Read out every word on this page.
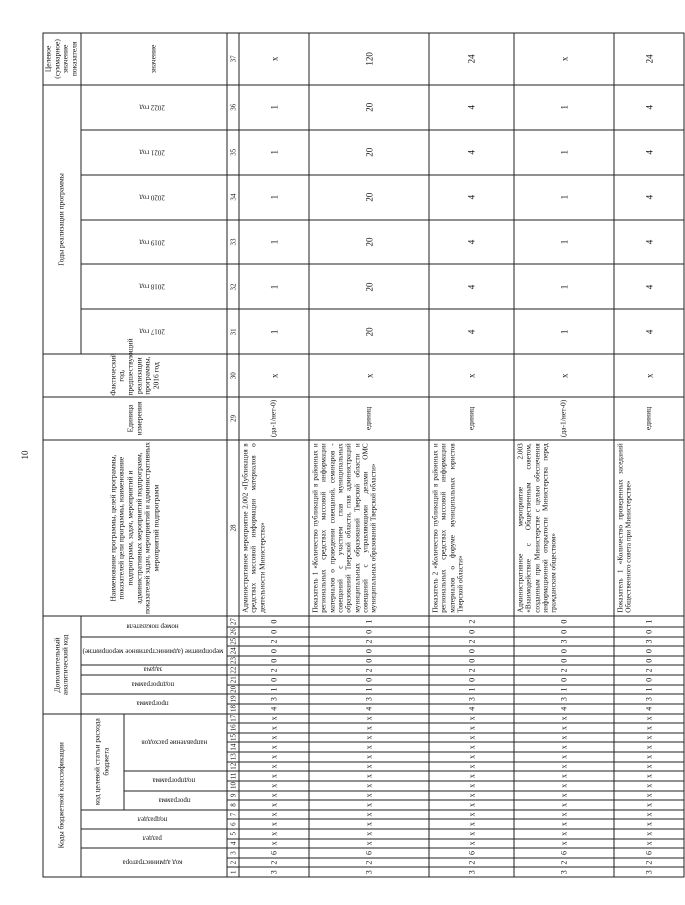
10
Коды бюджетной классификации																	Дополнительный аналитический код										Наименование программы, целей программы, показателей цели программы, наименование подпрограмм, задач, мероприятий и административных мероприятий подпрограмм, показателей задач, мероприятий и административных мероприятий подпрограмм	Единица измерения	Фактический год, предшествующий реализации программы, 2016 год	Годы реализации программы						Целевое (суммарное) значение показателя
код администратора			раздел		подраздел		код целевой статьи расхода бюджета										программа		подпрограмма		задача	мероприятие (административное мероприятие)			номер показателя					2017 год	2018 год	2019 год	2020 год	2021 год	2022 год	значение
							программа		подпрограмма		направление расходов																									
1	2	3	4	5	6	7	8	9	10	11	12	13	14	15	16	17	18	19	20	21	22	23	24	25	26	27	28	29	30	31	32	33	34	35	36	37
3	2	6	х	х	х	х	х	х	х	х	х	х	х	х	х	х	4	3	1	0	2	0	0	2	0	0	Административное мероприятие 2.002 «Публикация в средствах массовой информации материалов о деятельности Министерства»	(да-1/нет-0)	х	1	1	1	1	1	1	х
3	2	6	х	х	х	х	х	х	х	х	х	х	х	х	х	х	4	3	1	0	2	0	0	2	0	1	Показатель 1 «Количество публикаций в районных и региональных средствах массовой информации материалов о проведении совещаний, семинаров - совещаний с участием глав муниципальных образований Тверской области, глав администраций муниципальных образований Тверской области и совещаний с управляющими делами ОМС муниципальных образований Тверской области»	единиц	х	20	20	20	20	20	20	120
3	2	6	х	х	х	х	х	х	х	х	х	х	х	х	х	х	4	3	1	0	2	0	0	2	0	2	Показатель 2 «Количество публикаций в районных и региональных средствах массовой информации материалов о форуме муниципальных юристов Тверской области»	единиц	х	4	4	4	4	4	4	24
3	2	6	х	х	х	х	х	х	х	х	х	х	х	х	х	х	4	3	1	0	2	0	0	3	0	0	Административное мероприятие 2.003 «Взаимодействие с Общественным советом, созданным при Министерстве с целью обеспечения информационной открытости Министерства перед гражданским обществом»	(да-1/нет-0)	х	1	1	1	1	1	1	х
3	2	6	х	х	х	х	х	х	х	х	х	х	х	х	х	х	4	3	1	0	2	0	0	3	0	1	Показатель 1 «Количество проведенных заседаний Общественного совета при Министерстве»	единиц	х	4	4	4	4	4	4	24
